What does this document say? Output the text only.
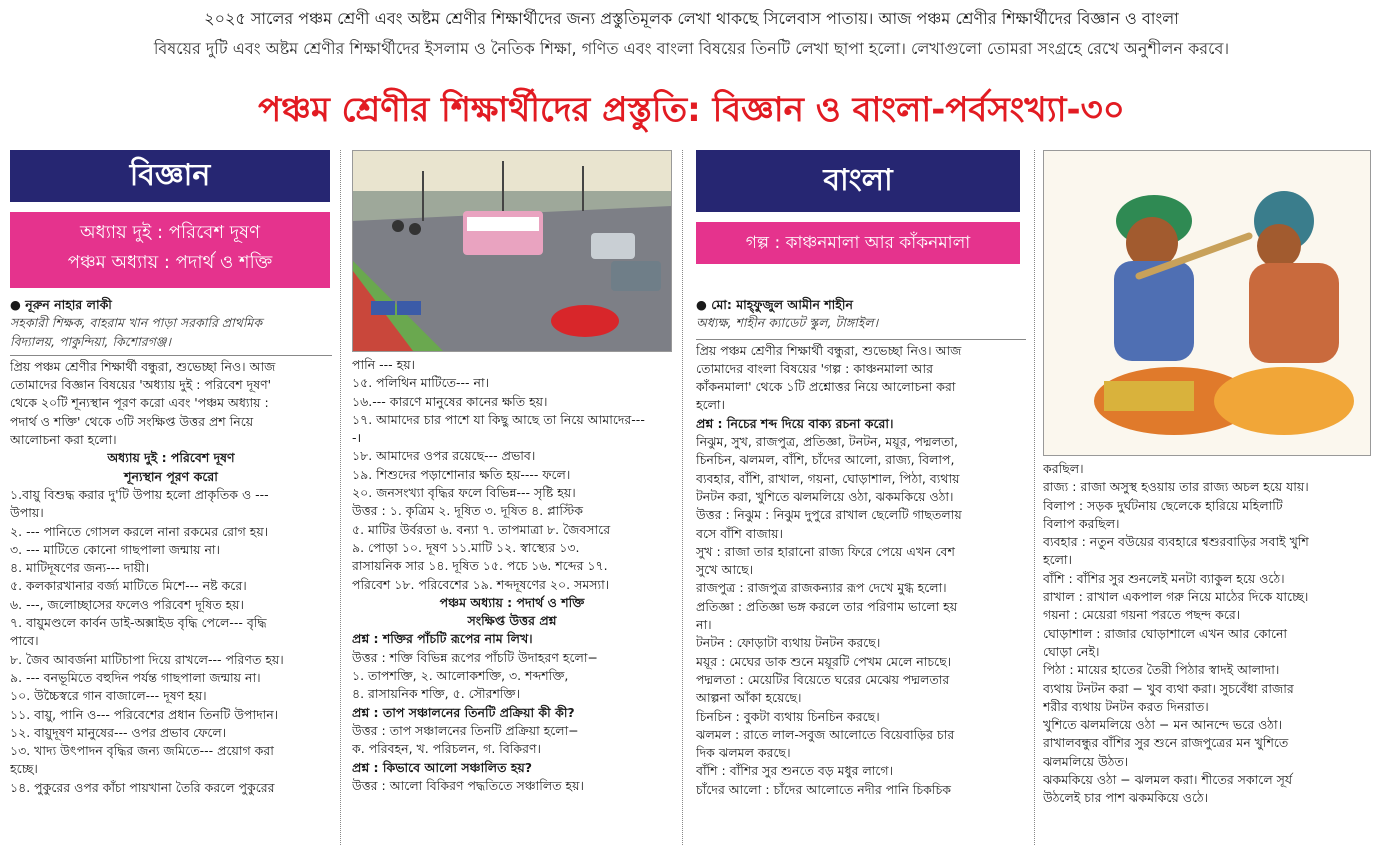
২০২৫ সালের পঞ্চম শ্রেণী এবং অষ্টম শ্রেণীর শিক্ষার্থীদের জন্য প্রস্তুতিমূলক লেখা থাকছে সিলেবাস পাতায়। আজ পঞ্চম শ্রেণীর শিক্ষার্থীদের বিজ্ঞান ও বাংলা
বিষয়ের দুটি এবং অষ্টম শ্রেণীর শিক্ষার্থীদের ইসলাম ও নৈতিক শিক্ষা, গণিত এবং বাংলা বিষয়ের তিনটি লেখা ছাপা হলো। লেখাগুলো তোমরা সংগ্রহে রেখে অনুশীলন করবে।
পঞ্চম শ্রেণীর শিক্ষার্থীদের প্রস্তুতি: বিজ্ঞান ও বাংলা-পর্বসংখ্যা-৩০
বিজ্ঞান
অধ্যায় দুই : পরিবেশ দূষণ
পঞ্চম অধ্যায় : পদার্থ ও শক্তি

● নূরুন নাহার লাকী

সহকারী শিক্ষক, বাহরাম খান পাড়া সরকারি প্রাথমিক

বিদ্যালয়, পাকুন্দিয়া, কিশোরগঞ্জ।

প্রিয় পঞ্চম শ্রেণীর শিক্ষার্থী বন্ধুরা, শুভেচ্ছা নিও। আজ

তোমাদের বিজ্ঞান বিষয়ের 'অধ্যায় দুই : পরিবেশ দূষণ'

থেকে ২০টি শূন্যস্থান পূরণ করো এবং 'পঞ্চম অধ্যায় :

পদার্থ ও শক্তি' থেকে ৩টি সংক্ষিপ্ত উত্তর প্রশ নিয়ে

আলোচনা করা হলো।

অধ্যায় দুই : পরিবেশ দূষণ

শূন্যস্থান পূরণ করো

১.বায়ু বিশুদ্ধ করার দু'টি উপায় হলো প্রাকৃতিক ও ---

উপায়।

২. --- পানিতে গোসল করলে নানা রকমের রোগ হয়।

৩. --- মাটিতে কোনো গাছপালা জন্মায় না।

৪. মাটিদূষণের জন্য--- দায়ী।

৫. কলকারখানার বর্জ্য মাটিতে মিশে--- নষ্ট করে।

৬. ---, জলোচ্ছাসের ফলেও পরিবেশ দূষিত হয়।

৭. বায়ুমণ্ডলে কার্বন ডাই-অক্সাইড বৃদ্ধি পেলে--- বৃদ্ধি

পাবে।

৮. জৈব আবর্জনা মাটিচাপা দিয়ে রাখলে--- পরিণত হয়।

৯. --- বনভূমিতে বহুদিন পর্যন্ত গাছপালা জন্মায় না।

১০. উচ্চৈস্বরে গান বাজালে--- দূষণ হয়।

১১. বায়ু, পানি ও--- পরিবেশের প্রধান তিনটি উপাদান।

১২. বায়ুদূষণ মানুষের--- ওপর প্রভাব ফেলে।

১৩. খাদ্য উৎপাদন বৃদ্ধির জন্য জমিতে--- প্রয়োগ করা

হচ্ছে।

১৪. পুকুরের ওপর কাঁচা পায়খানা তৈরি করলে পুকুরের

পানি --- হয়।

১৫. পলিথিন মাটিতে--- না।

১৬.--- কারণে মানুষের কানের ক্ষতি হয়।

১৭. আমাদের চার পাশে যা কিছু আছে তা নিয়ে আমাদের---

-।

১৮. আমাদের ওপর রয়েছে--- প্রভাব।

১৯. শিশুদের পড়াশোনার ক্ষতি হয়---- ফলে।

২০. জনসংখ্যা বৃদ্ধির ফলে বিভিন্ন--- সৃষ্টি হয়।

উত্তর : ১. কৃত্রিম ২. দূষিত ৩. দূষিত ৪. প্লাস্টিক

৫. মাটির উর্বরতা ৬. বন্যা ৭. তাপমাত্রা ৮. জৈবসারে

৯. পোড়া ১০. দূষণ ১১.মাটি ১২. স্বাস্থ্যের ১৩.

রাসায়নিক সার ১৪. দূষিত ১৫. পচে ১৬. শব্দের ১৭.

পরিবেশ ১৮. পরিবেশের ১৯. শব্দদূষণের ২০. সমস্যা।

পঞ্চম অধ্যায় : পদার্থ ও শক্তি

সংক্ষিপ্ত উত্তর প্রশ্ন

প্রশ্ন : শক্তির পাঁচটি রূপের নাম লিখ।

উত্তর : শক্তি বিভিন্ন রূপের পাঁচটি উদাহরণ হলো−

১. তাপশক্তি, ২. আলোকশক্তি, ৩. শব্দশক্তি,

৪. রাসায়নিক শক্তি, ৫. সৌরশক্তি।

প্রশ্ন : তাপ সঞ্চালনের তিনটি প্রক্রিয়া কী কী?

উত্তর : তাপ সঞ্চালনের তিনটি প্রক্রিয়া হলো−

ক. পরিবহন, খ. পরিচলন, গ. বিকিরণ।

প্রশ্ন : কিভাবে আলো সঞ্চালিত হয়?

উত্তর : আলো বিকিরণ পদ্ধতিতে সঞ্চালিত হয়।

বাংলা
গল্প : কাঞ্চনমালা আর কাঁকনমালা

● মো: মাহ্ফুজুল আমীন শাহীন

অধ্যক্ষ, শাহীন ক্যাডেট স্কুল, টাঙ্গাইল।

প্রিয় পঞ্চম শ্রেণীর শিক্ষার্থী বন্ধুরা, শুভেচ্ছা নিও। আজ

তোমাদের বাংলা বিষয়ের 'গল্প : কাঞ্চনমালা আর

কাঁকনমালা' থেকে ১টি প্রশ্নোত্তর নিয়ে আলোচনা করা

হলো।

প্রশ্ন : নিচের শব্দ দিয়ে বাক্য রচনা করো।

নিঝুম, সুখ, রাজপুত্র, প্রতিজ্ঞা, টনটন, ময়ূর, পদ্মলতা,

চিনচিন, ঝলমল, বাঁশি, চাঁদের আলো, রাজ্য, বিলাপ,

ব্যবহার, বাঁশি, রাখাল, গয়না, ঘোড়াশাল, পিঠা, ব্যথায়

টনটন করা, খুশিতে ঝলমলিয়ে ওঠা, ঝকমকিয়ে ওঠা।

উত্তর : নিঝুম : নিঝুম দুপুরে রাখাল ছেলেটি গাছতলায়

বসে বাঁশি বাজায়।

সুখ : রাজা তার হারানো রাজ্য ফিরে পেয়ে এখন বেশ

সুখে আছে।

রাজপুত্র : রাজপুত্র রাজকন্যার রূপ দেখে মুগ্ধ হলো।

প্রতিজ্ঞা : প্রতিজ্ঞা ভঙ্গ করলে তার পরিণাম ভালো হয়

না।

টনটন : ফোড়াটা ব্যথায় টনটন করছে।

ময়ূর : মেঘের ডাক শুনে ময়ূরটি পেখম মেলে নাচছে।

পদ্মলতা : মেয়েটির বিয়েতে ঘরের মেঝেয় পদ্মলতার

আল্পনা আঁকা হয়েছে।

চিনচিন : বুকটা ব্যথায় চিনচিন করছে।

ঝলমল : রাতে লাল-সবুজ আলোতে বিয়েবাড়ির চার

দিক ঝলমল করছে।

বাঁশি : বাঁশির সুর শুনতে বড় মধুর লাগে।

চাঁদের আলো : চাঁদের আলোতে নদীর পানি চিকচিক

করছিল।

রাজ্য : রাজা অসুস্থ হওয়ায় তার রাজ্য অচল হয়ে যায়।

বিলাপ : সড়ক দুর্ঘটনায় ছেলেকে হারিয়ে মহিলাটি

বিলাপ করছিল।

ব্যবহার : নতুন বউয়ের ব্যবহারে শ্বশুরবাড়ির সবাই খুশি

হলো।

বাঁশি : বাঁশির সুর শুনলেই মনটা ব্যাকুল হয়ে ওঠে।

রাখাল : রাখাল একপাল গরু নিয়ে মাঠের দিকে যাচ্ছে।

গয়না : মেয়েরা গয়না পরতে পছন্দ করে।

ঘোড়াশাল : রাজার ঘোড়াশালে এখন আর কোনো

ঘোড়া নেই।

পিঠা : মায়ের হাতের তৈরী পিঠার স্বাদই আলাদা।

ব্যথায় টনটন করা − খুব ব্যথা করা। সুচবেঁধা রাজার

শরীর ব্যথায় টনটন করত দিনরাত।

খুশিতে ঝলমলিয়ে ওঠা − মন আনন্দে ভরে ওঠা।

রাখালবন্ধুর বাঁশির সুর শুনে রাজপুত্রের মন খুশিতে

ঝলমলিয়ে উঠত।

ঝকমকিয়ে ওঠা − ঝলমল করা। শীতের সকালে সূর্য

উঠলেই চার পাশ ঝকমকিয়ে ওঠে।
